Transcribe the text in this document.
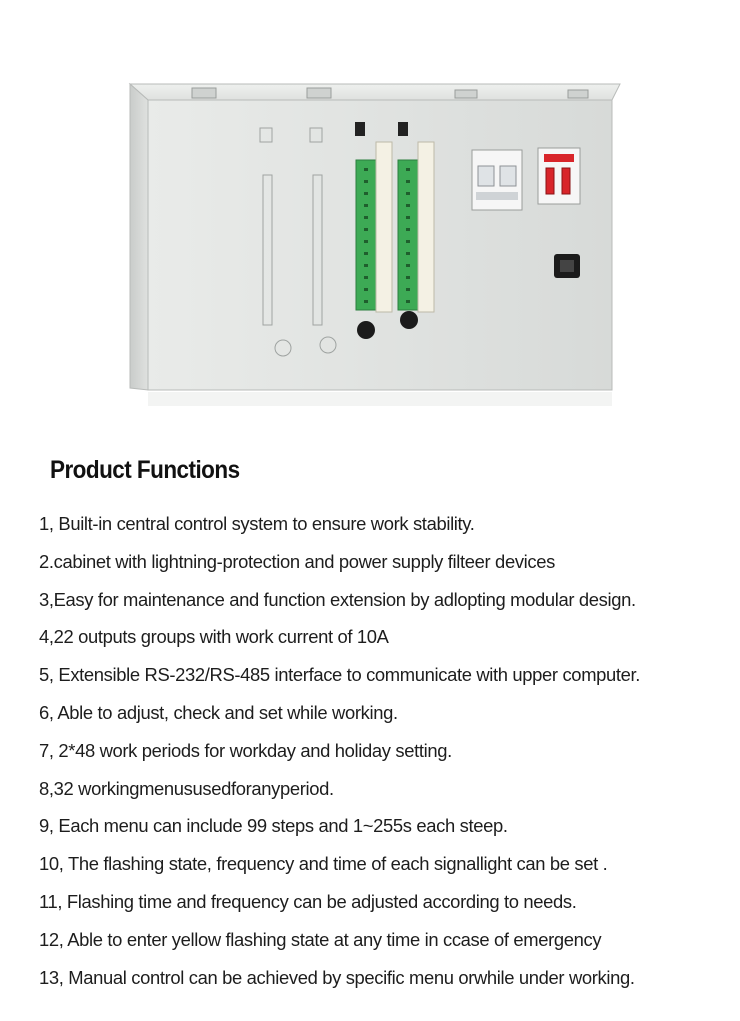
Product Functions
1, Built-in central control system to ensure work stability.
2.cabinet with lightning-protection and power supply filteer devices
3,Easy for maintenance and function extension by adlopting modular design.
4,22 outputs groups with work current of 10A
5, Extensible RS-232/RS-485 interface to communicate with upper computer.
6, Able to adjust, check and set while working.
7, 2*48 work periods for workday and holiday setting.
8,32 workingmenususedforanyperiod.
9, Each menu can include 99 steps and 1~255s each steep.
10, The flashing state, frequency and time of each signallight can be set .
11, Flashing time and frequency can be adjusted according to needs.
12, Able to enter yellow flashing state at any time in ccase of emergency
13, Manual control can be achieved by specific menu orwhile under working.
